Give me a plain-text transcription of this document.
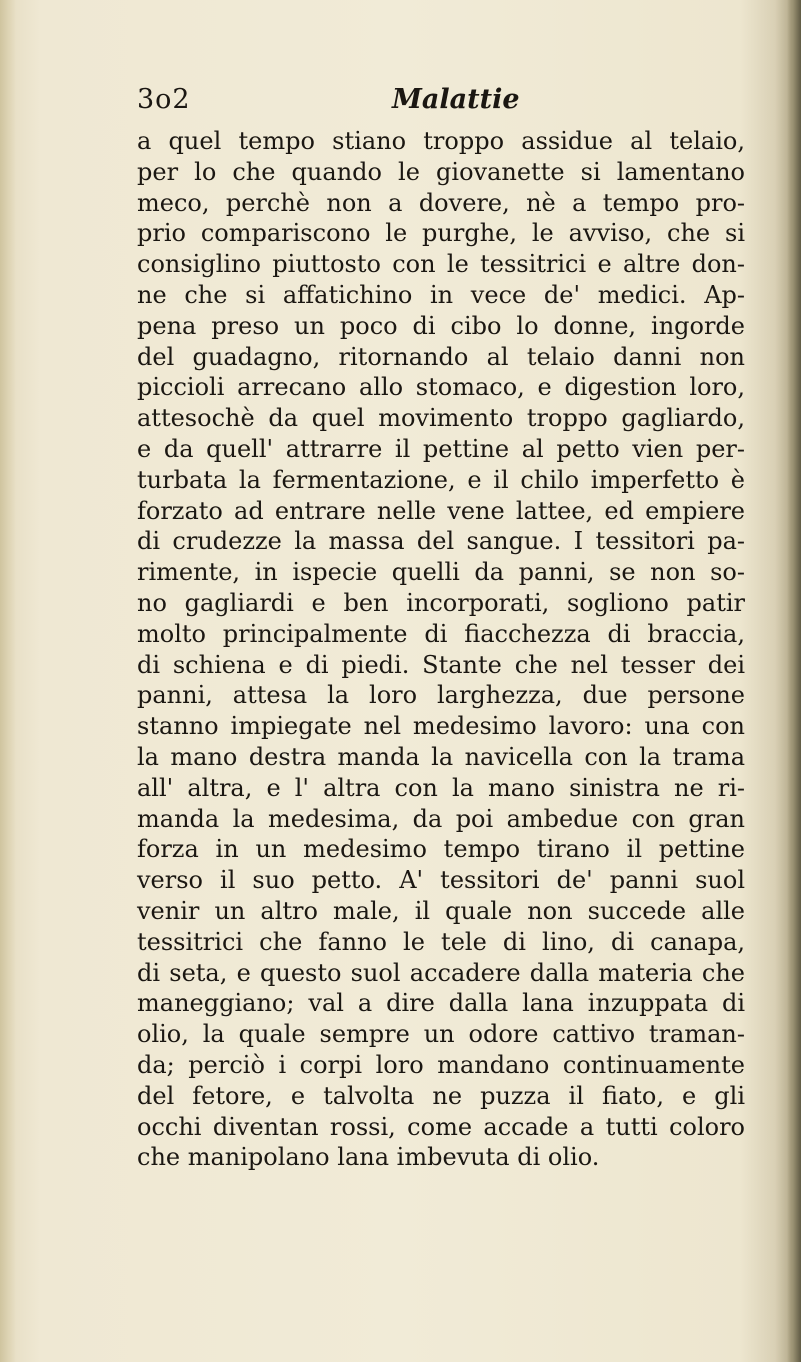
3o2	Malattie
a quel tempo stiano troppo assidue al telaio,
per lo che quando le giovanette si lamentano
meco, perchè non a dovere, nè a tempo pro-
prio compariscono le purghe, le avviso, che si
consiglino piuttosto con le tessitrici e altre don-
ne che si affatichino in vece de' medici. Ap-
pena preso un poco di cibo lo donne, ingorde
del guadagno, ritornando al telaio danni non
piccioli arrecano allo stomaco, e digestion loro,
attesochè da quel movimento troppo gagliardo,
e da quell' attrarre il pettine al petto vien per-
turbata la fermentazione, e il chilo imperfetto è
forzato ad entrare nelle vene lattee, ed empiere
di crudezze la massa del sangue. I tessitori pa-
rimente, in ispecie quelli da panni, se non so-
no gagliardi e ben incorporati, sogliono patir
molto principalmente di fiacchezza di braccia,
di schiena e di piedi. Stante che nel tesser dei
panni, attesa la loro larghezza, due persone
stanno impiegate nel medesimo lavoro: una con
la mano destra manda la navicella con la trama
all' altra, e l' altra con la mano sinistra ne ri-
manda la medesima, da poi ambedue con gran
forza in un medesimo tempo tirano il pettine
verso il suo petto. A' tessitori de' panni suol
venir un altro male, il quale non succede alle
tessitrici che fanno le tele di lino, di canapa,
di seta, e questo suol accadere dalla materia che
maneggiano; val a dire dalla lana inzuppata di
olio, la quale sempre un odore cattivo traman-
da; perciò i corpi loro mandano continuamente
del fetore, e talvolta ne puzza il fiato, e gli
occhi diventan rossi, come accade a tutti coloro
che manipolano lana imbevuta di olio.
